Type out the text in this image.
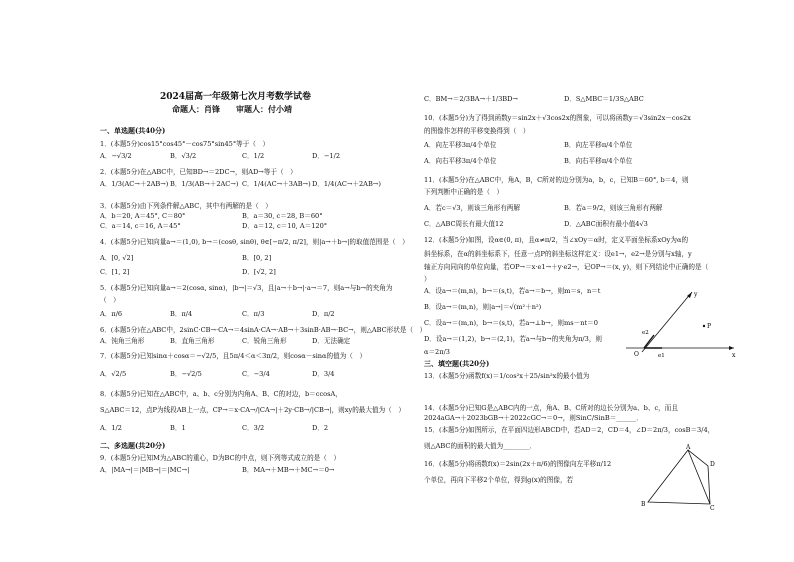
2024届高一年级第七次月考数学试卷
命题人：肖锋　　审题人：付小靖
一、单选题(共40分)
1．(本题5分)cos15°cos45°－cos75°sin45°等于（　）
A．−√3/2	B．√3/2	C．1/2	D．−1/2
2．(本题5分)在△ABC中，已知BD→＝2DC→，则AD→等于（　）
A．1/3(AC→＋2AB→) B．1/3(AB→＋2AC→) C．1/4(AC→＋3AB→) D．1/4(AC→＋2AB→)
3．(本题5分)由下列条件解△ABC，其中有两解的是（　）
A．b＝20, A＝45°, C＝80°	B．a＝30, c＝28, B＝60°
C．a＝14, c＝16, A＝45°	D．a＝12, c＝10, A＝120°
4．(本题5分)已知向量a→＝(1,0), b→＝(cosθ, sinθ), θ∈[−π/2, π/2]，则|a→＋b→|的取值范围是（　）
A．[0, √2]	B．[0, 2]
C．[1, 2]	D．[√2, 2]
5．(本题5分)已知向量a→＝2(cosα, sinα)，|b→|＝√3，且|a→＋b→|·a→＝7，则a→与b→的夹角为
（　）
A．π/6	B．π/4	C．π/3	D．π/2
6．(本题5分)在△ABC中，2sinC·CB→·CA→＝4sinA·CA→·AB→＋3sinB·AB→·BC→，则△ABC形状是（　）
A．钝角三角形	B．直角三角形	C．锐角三角形	D．无法确定
7．(本题5分)已知sinα＋cosα＝−√2/5，且5π/4＜α＜3π/2，则cosα－sinα的值为（　）
A．√2/5	B．−√2/5	C．−3/4	D．3/4
8．(本题5分)已知在△ABC中，a、b、c分别为内角A、B、C的对边，b＝ccosA，
S△ABC＝12，点P为线段AB上一点，CP→＝x·CA→/|CA→|＋2y·CB→/|CB→|，则xy的最大值为（　）
A．1/2	B．1	C．3/2	D．2
二、多选题(共20分)
9．(本题5分)已知M为△ABC的重心，D为BC的中点，则下列等式成立的是（　）
A．|MA→|＝|MB→|＝|MC→|	B．MA→＋MB→＋MC→＝0→
C．BM→＝2/3BA→＋1/3BD→	D．S△MBC＝1/3S△ABC
10．(本题5分)为了得到函数y＝sin2x＋√3cos2x的图象，可以将函数y＝√3sin2x－cos2x
的图像作怎样的平移变换得到（　）
A．向左平移3π/4个单位	B．向左平移π/4个单位
A．向右平移3π/4个单位	B．向右平移π/4个单位
11．(本题5分)在△ABC中，角A，B，C所对的边分别为a，b，c，已知B＝60°, b＝4，则
下列判断中正确的是（　）
A．若c＝√3，则该三角形有两解	B．若a＝9/2，则该三角形有两解
C．△ABC周长有最大值12	D．△ABC面积有最小值4√3
12．(本题5分)如图，设α∈(0, π)，且α≠π/2，当∠xOy＝α时，定义平面坐标系xOy为α的
斜坐标系，在α的斜坐标系下，任意一点P的斜坐标这样定义：设e1→，e2→是分别与x轴，y
轴正方向同向的单位向量，若OP→＝x·e1→＋y·e2→，记OP→＝(x, y)，则下列结论中正确的是（
）
A．设a→＝(m,n)，b→＝(s,t)，若a→＝b→，则m＝s，n＝t
B．设a→＝(m,n)，则|a→|＝√(m²＋n²)
C．设a→＝(m,n)，b→＝(s,t)，若a→⊥b→，则ms－nt＝0
D．设a→＝(1,2)，b→＝(2,1)，若a→与b→的夹角为π/3，则
α＝2π/3
三、填空题(共20分)
13．(本题5分)函数f(x)＝1/cos²x＋25/sin²x的最小值为
14．(本题5分)已知G是△ABC内的一点，角A、B、C所对的边长分别为a、b、c，而且
2024aGA→＋2023bGB→＋2022cGC→＝0→，则SinC/SinB＝______．
15．(本题5分)如图所示，在平面四边形ABCD中，若AD＝2，CD＝4，∠D＝2π/3，cosB＝3/4，
则△ABC的面积的最大值为________．
16．(本题5分)将函数f(x)＝2sin(2x＋π/6)的图像向左平移π/12
个单位，再向下平移2个单位，得到g(x)的图像，若
x
y
O	e1
e2
P
A
B
C
D
